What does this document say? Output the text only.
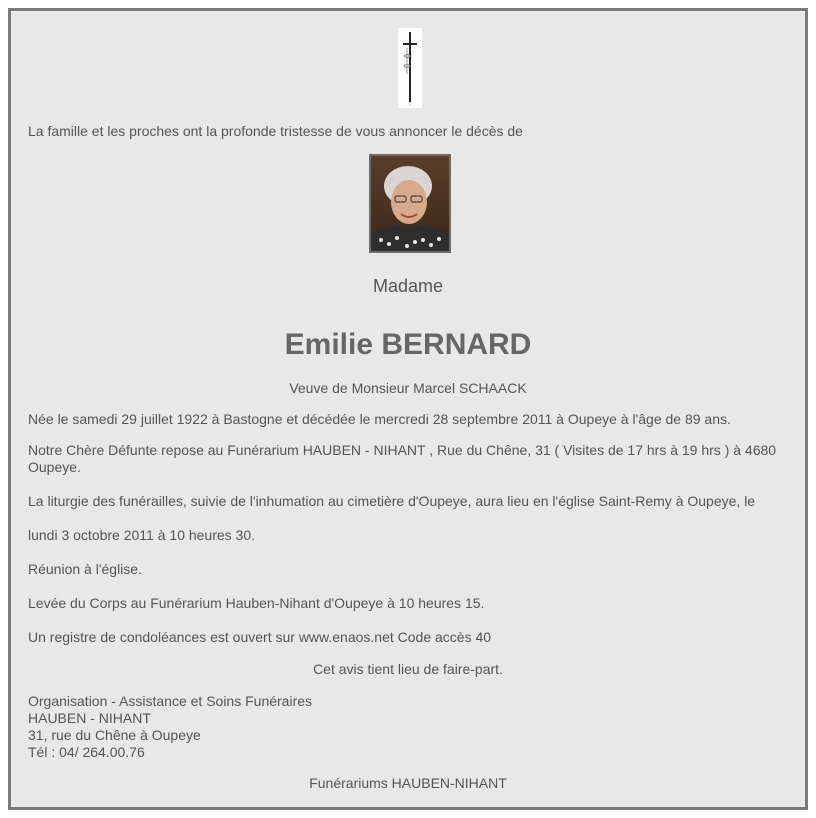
La famille et les proches ont la profonde tristesse de vous annoncer le décès de
Madame
Emilie BERNARD
Veuve de Monsieur Marcel SCHAACK
Née le samedi 29 juillet 1922 à Bastogne et décédée le mercredi 28 septembre 2011 à Oupeye à l'âge de 89 ans.
Notre Chère Défunte repose au Funérarium HAUBEN - NIHANT , Rue du Chêne, 31 ( Visites de 17 hrs à 19 hrs ) à 4680 Oupeye.
La liturgie des funérailles, suivie de l'inhumation au cimetière d'Oupeye, aura lieu en l'église Saint-Remy à Oupeye, le
lundi 3 octobre 2011 à 10 heures 30.
Réunion à l'église.
Levée du Corps au Funérarium Hauben-Nihant d'Oupeye à 10 heures 15.
Un registre de condoléances est ouvert sur www.enaos.net Code accès 40
Cet avis tient lieu de faire-part.
Organisation - Assistance et Soins Funéraires
HAUBEN - NIHANT
31, rue du Chêne à Oupeye
Tél : 04/ 264.00.76
Funérariums HAUBEN-NIHANT
